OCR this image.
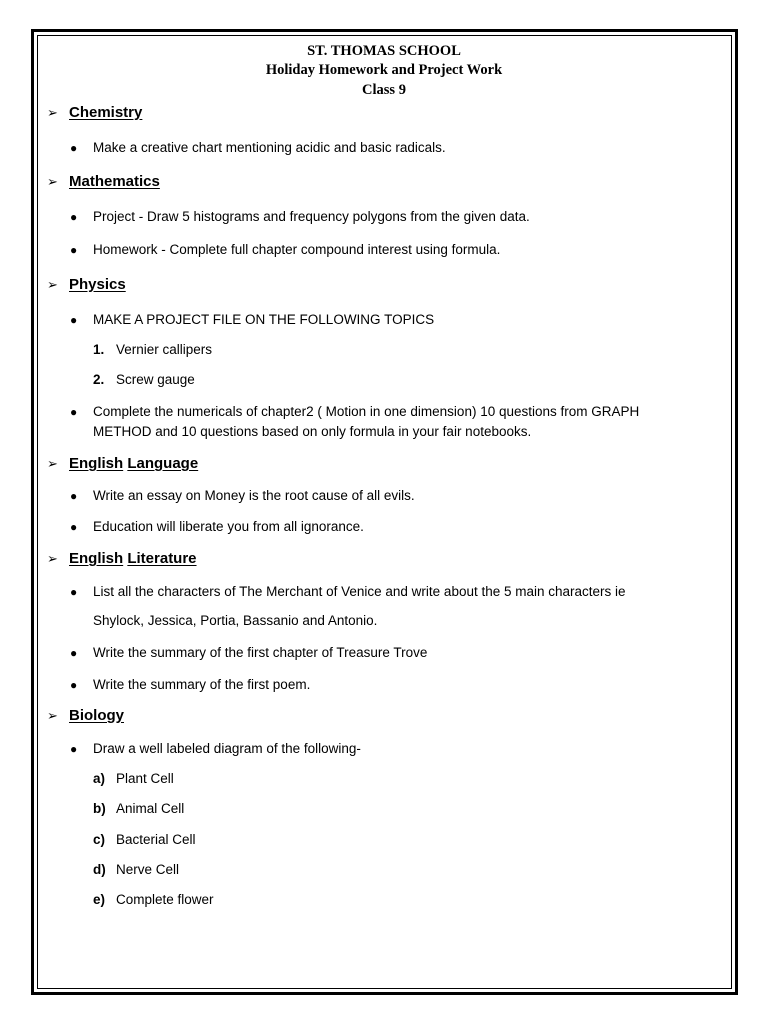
ST. THOMAS SCHOOL
Holiday Homework and Project Work
Class 9
➢ Chemistry
● Make a creative chart mentioning acidic and basic radicals.
➢ Mathematics
● Project - Draw 5 histograms and frequency polygons from the given data.
● Homework - Complete full chapter compound interest using formula.
➢ Physics
● MAKE A PROJECT FILE ON THE FOLLOWING TOPICS
1. Vernier callipers
2. Screw gauge
● Complete the numericals of chapter2 ( Motion in one dimension) 10 questions from GRAPH
METHOD and 10 questions based on only formula in your fair notebooks.
➢ English Language
● Write an essay on Money is the root cause of all evils.
● Education will liberate you from all ignorance.
➢ English Literature
● List all the characters of The Merchant of Venice and write about the 5 main characters ie
Shylock, Jessica, Portia, Bassanio and Antonio.
● Write the summary of the first chapter of Treasure Trove
● Write the summary of the first poem.
➢ Biology
● Draw a well labeled diagram of the following-
a) Plant Cell
b) Animal Cell
c) Bacterial Cell
d) Nerve Cell
e) Complete flower
